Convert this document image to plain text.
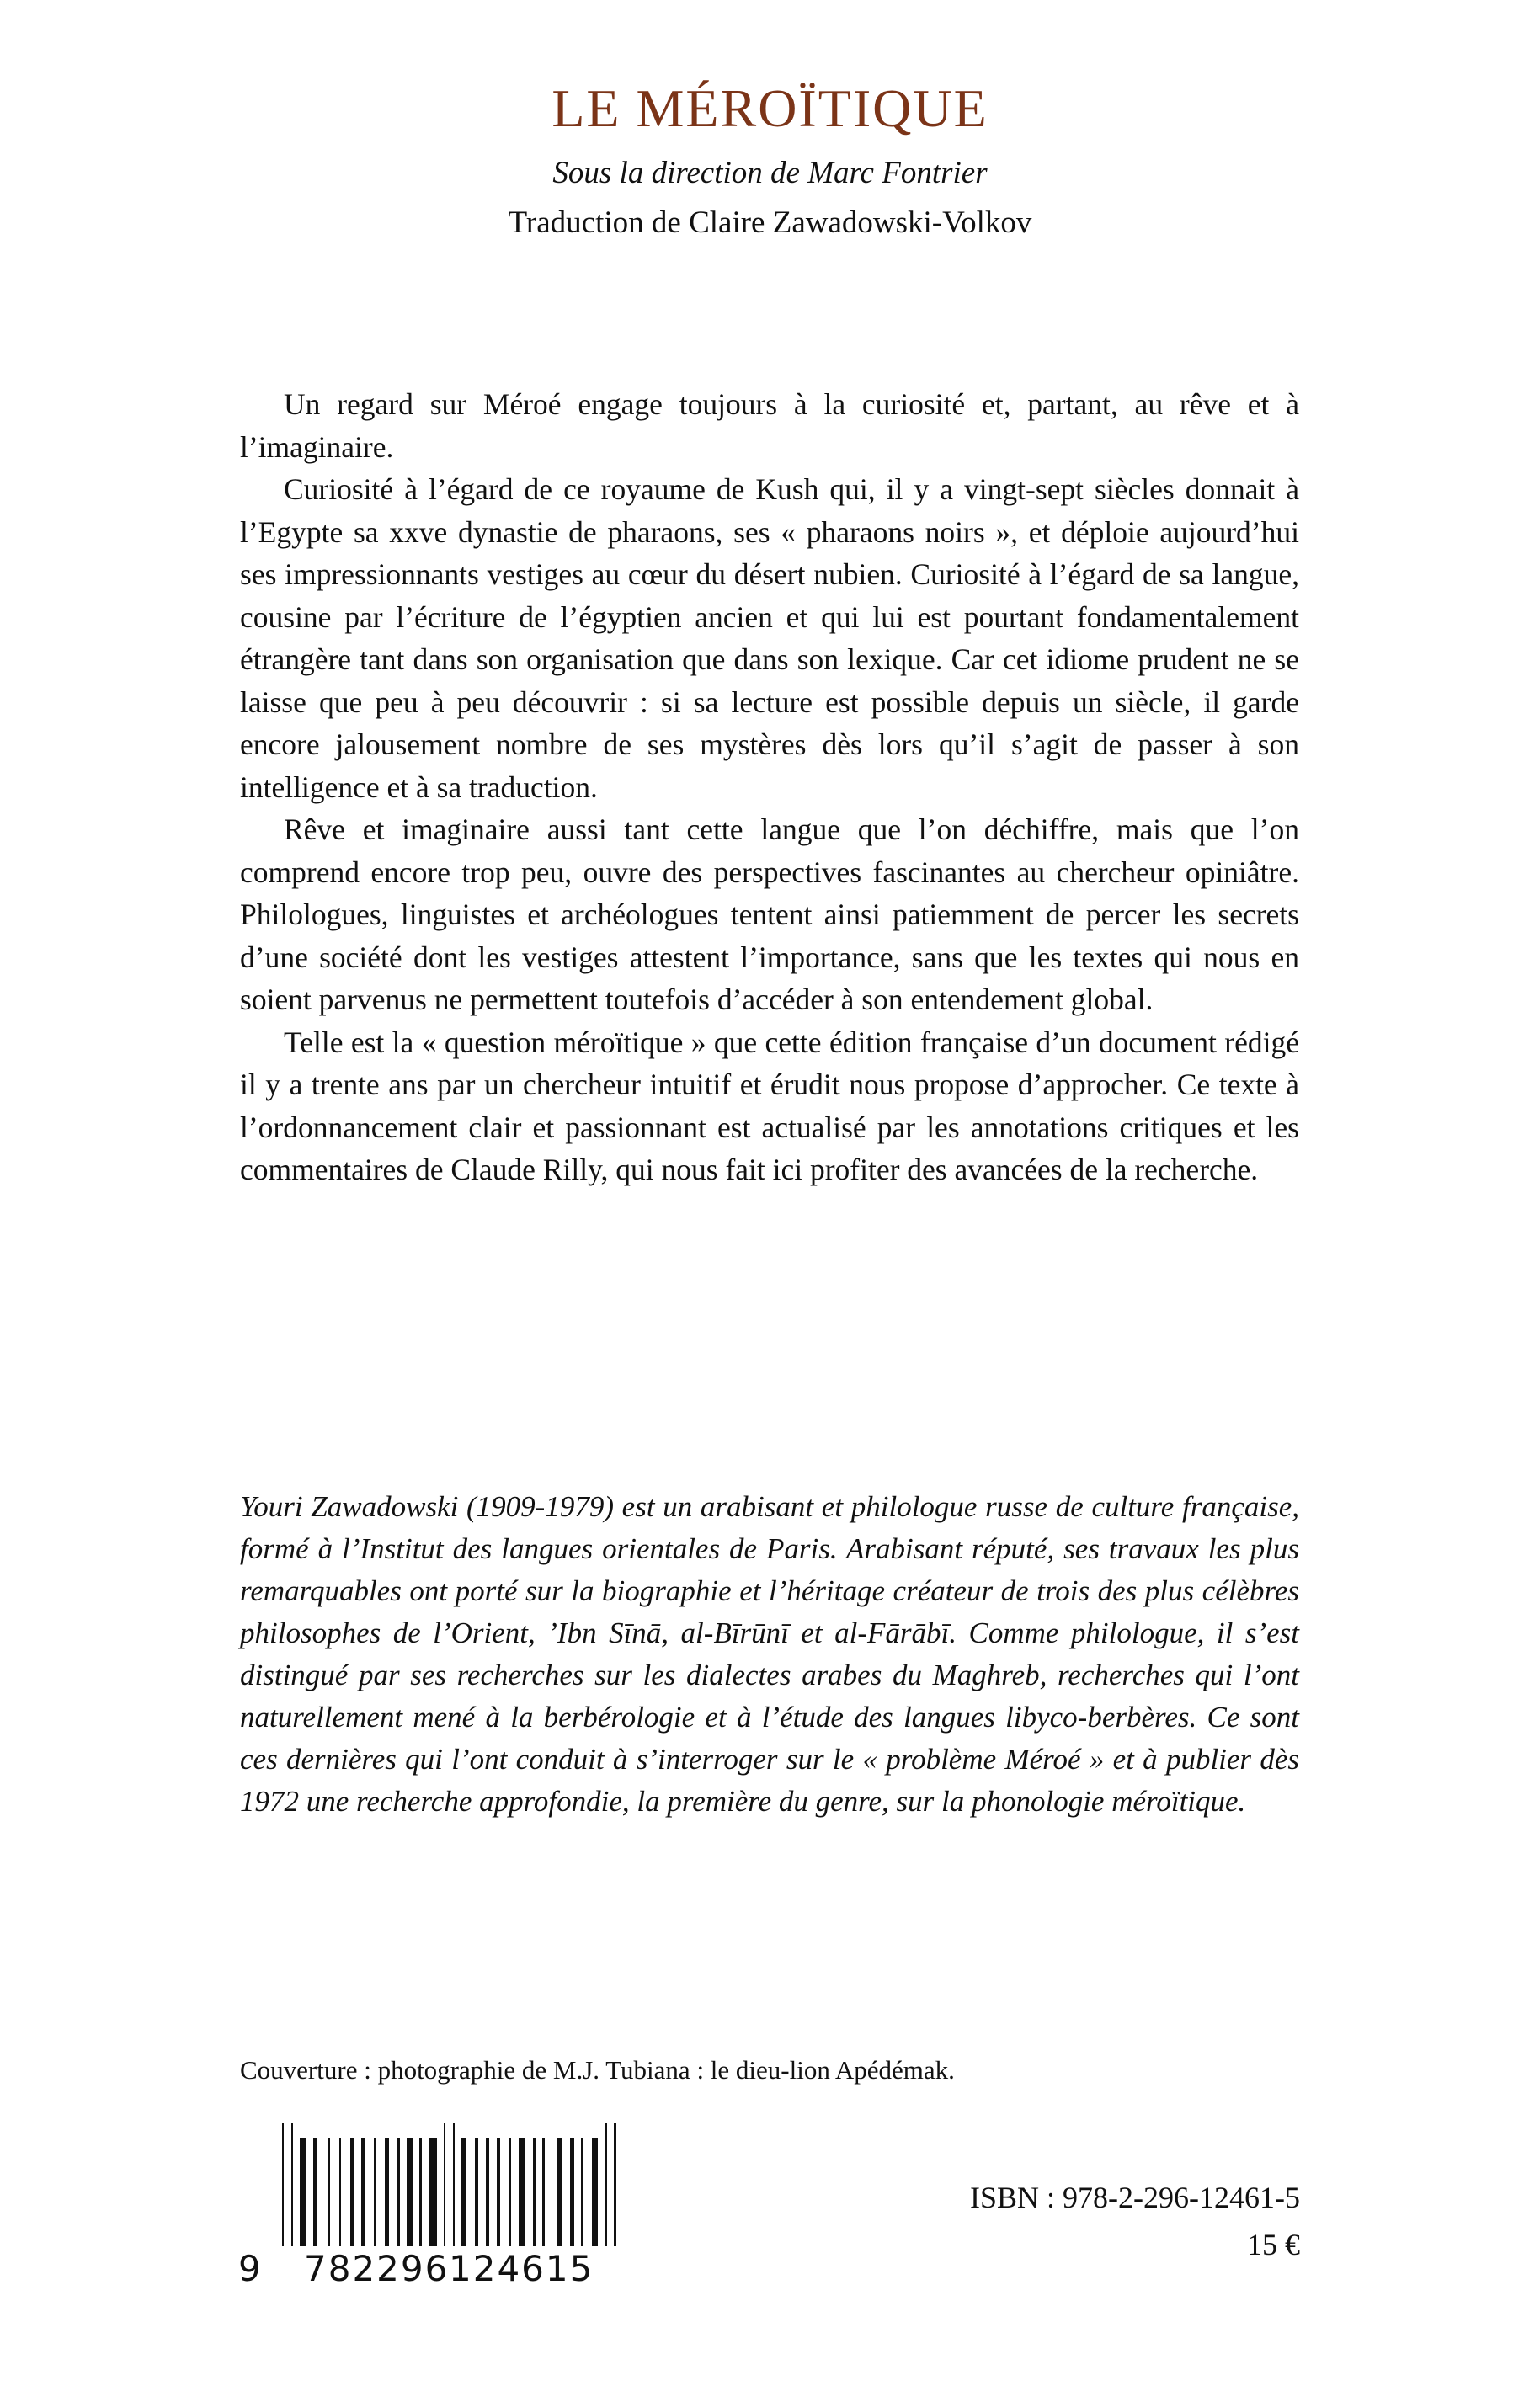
LE MÉROÏTIQUE
Sous la direction de Marc Fontrier
Traduction de Claire Zawadowski-Volkov

Un regard sur Méroé engage toujours à la curiosité et, partant, au rêve et à l’imaginaire.

Curiosité à l’égard de ce royaume de Kush qui, il y a vingt-sept siècles donnait à l’Egypte sa xxve dynastie de pharaons, ses « pharaons noirs », et déploie aujourd’hui ses impressionnants vestiges au cœur du désert nubien. Curiosité à l’égard de sa langue, cousine par l’écriture de l’égyptien ancien et qui lui est pourtant fondamentalement étrangère tant dans son organisation que dans son lexique. Car cet idiome prudent ne se laisse que peu à peu découvrir : si sa lecture est possible depuis un siècle, il garde encore jalousement nombre de ses mystères dès lors qu’il s’agit de passer à son intelligence et à sa traduction.

Rêve et imaginaire aussi tant cette langue que l’on déchiffre, mais que l’on comprend encore trop peu, ouvre des perspectives fascinantes au chercheur opiniâtre. Philologues, linguistes et archéologues tentent ainsi patiemment de percer les secrets d’une société dont les vestiges attestent l’importance, sans que les textes qui nous en soient parvenus ne permettent toutefois d’accéder à son entendement global.

Telle est la « question méroïtique » que cette édition française d’un document rédigé il y a trente ans par un chercheur intuitif et érudit nous propose d’approcher. Ce texte à l’ordonnancement clair et passionnant est actualisé par les annotations critiques et les commentaires de Claude Rilly, qui nous fait ici profiter des avancées de la recherche.

Youri Zawadowski (1909-1979) est un arabisant et philologue russe de culture française, formé à l’Institut des langues orientales de Paris. Arabisant réputé, ses travaux les plus remarquables ont porté sur la biographie et l’héritage créateur de trois des plus célèbres philosophes de l’Orient, ’Ibn Sīnā, al-Bīrūnī et al-Fārābī. Comme philologue, il s’est distingué par ses recherches sur les dialectes arabes du Maghreb, recherches qui l’ont naturellement mené à la berbérologie et à l’étude des langues libyco-berbères. Ce sont ces dernières qui l’ont conduit à s’interroger sur le « problème Méroé » et à publier dès 1972 une recherche approfondie, la première du genre, sur la phonologie méroïtique.

Couverture : photographie de M.J. Tubiana : le dieu-lion Apédémak.
9 782296 124615
ISBN : 978-2-296-12461-5
15 €
